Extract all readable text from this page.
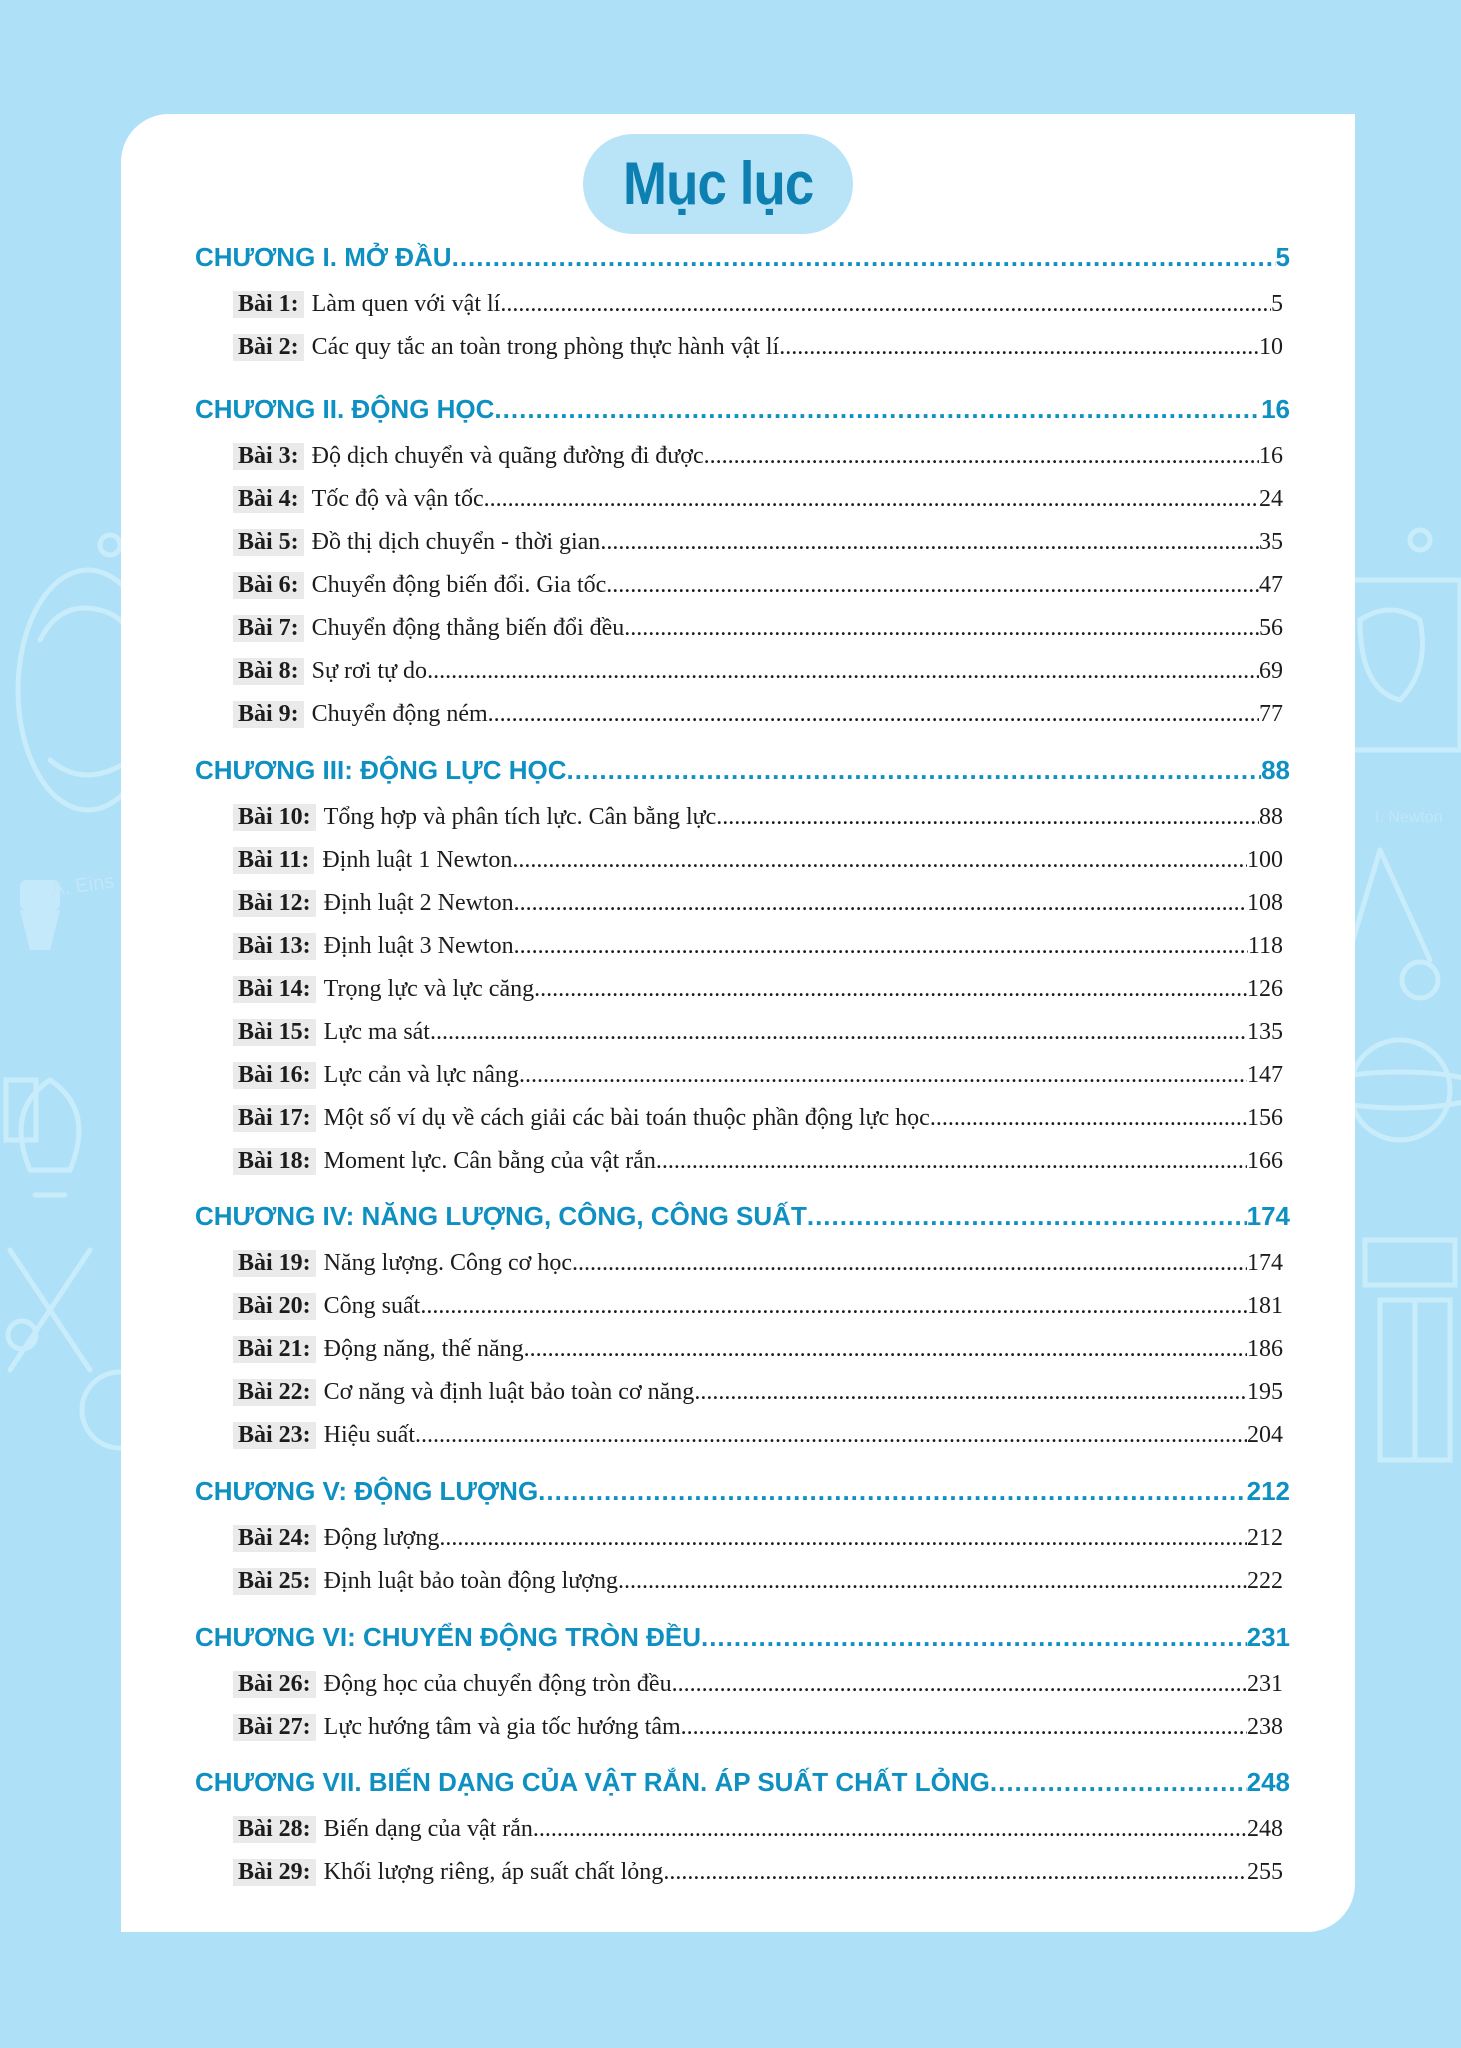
A. Eins
I. Newton
Mục lục
CHƯƠNG I. MỞ ĐẦU .....	5
Bài 1: Làm quen với vật lí .....	5
Bài 2: Các quy tắc an toàn trong phòng thực hành vật lí .....	10
CHƯƠNG II. ĐỘNG HỌC .....	16
Bài 3: Độ dịch chuyển và quãng đường đi được .....	16
Bài 4: Tốc độ và vận tốc .....	24
Bài 5: Đồ thị dịch chuyển - thời gian .....	35
Bài 6: Chuyển động biến đổi. Gia tốc .....	47
Bài 7: Chuyển động thẳng biến đổi đều .....	56
Bài 8: Sự rơi tự do .....	69
Bài 9: Chuyển động ném .....	77
CHƯƠNG III: ĐỘNG LỰC HỌC .....	88
Bài 10: Tổng hợp và phân tích lực. Cân bằng lực .....	88
Bài 11: Định luật 1 Newton .....	100
Bài 12: Định luật 2 Newton .....	108
Bài 13: Định luật 3 Newton .....	118
Bài 14: Trọng lực và lực căng .....	126
Bài 15: Lực ma sát .....	135
Bài 16: Lực cản và lực nâng .....	147
Bài 17: Một số ví dụ về cách giải các bài toán thuộc phần động lực học .....	156
Bài 18: Moment lực. Cân bằng của vật rắn .....	166
CHƯƠNG IV: NĂNG LƯỢNG, CÔNG, CÔNG SUẤT .....	174
Bài 19: Năng lượng. Công cơ học .....	174
Bài 20: Công suất .....	181
Bài 21: Động năng, thế năng .....	186
Bài 22: Cơ năng và định luật bảo toàn cơ năng .....	195
Bài 23: Hiệu suất .....	204
CHƯƠNG V: ĐỘNG LƯỢNG .....	212
Bài 24: Động lượng .....	212
Bài 25: Định luật bảo toàn động lượng .....	222
CHƯƠNG VI: CHUYỂN ĐỘNG TRÒN ĐỀU .....	231
Bài 26: Động học của chuyển động tròn đều .....	231
Bài 27: Lực hướng tâm và gia tốc hướng tâm .....	238
CHƯƠNG VII. BIẾN DẠNG CỦA VẬT RẮN. ÁP SUẤT CHẤT LỎNG .....	248
Bài 28: Biến dạng của vật rắn .....	248
Bài 29: Khối lượng riêng, áp suất chất lỏng .....	255
